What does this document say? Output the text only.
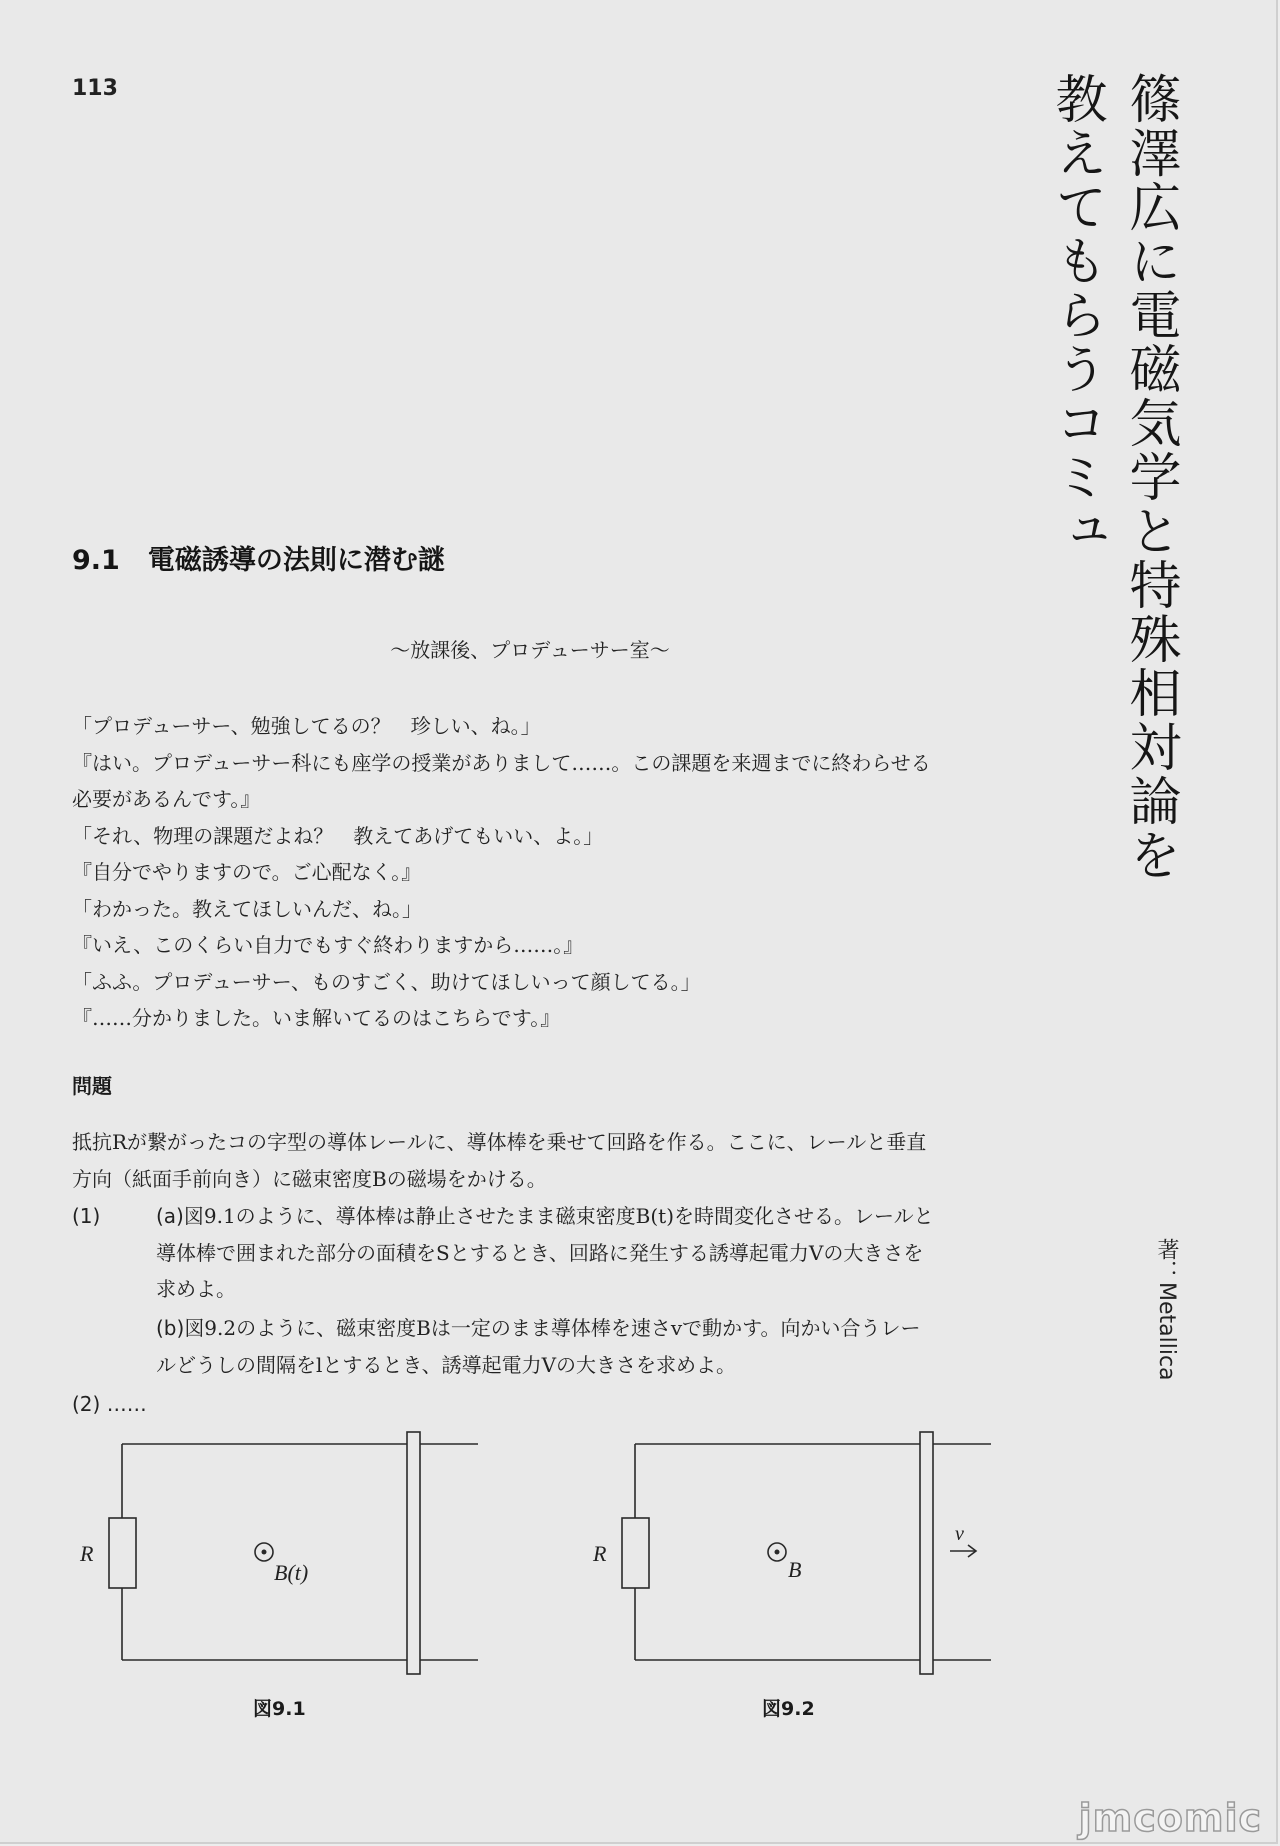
113	篠澤広に電磁気学と特殊相対論を
教えてもらうコミュ
著：Metallica
9.1 電磁誘導の法則に潜む謎
～放課後、プロデューサー室～
「プロデューサー、勉強してるの？　珍しい、ね。」
『はい。プロデューサー科にも座学の授業がありまして……。この課題を来週までに終わらせる
必要があるんです。』
「それ、物理の課題だよね？　教えてあげてもいい、よ。」
『自分でやりますので。ご心配なく。』
「わかった。教えてほしいんだ、ね。」
『いえ、このくらい自力でもすぐ終わりますから……。』
「ふふ。プロデューサー、ものすごく、助けてほしいって顔してる。」
『……分かりました。いま解いてるのはこちらです。』
問題
抵抗Rが繋がったコの字型の導体レールに、導体棒を乗せて回路を作る。ここに、レールと垂直
方向（紙面手前向き）に磁束密度Bの磁場をかける。
(1)	(a)図9.1のように、導体棒は静止させたまま磁束密度B(t)を時間変化させる。レールと
導体棒で囲まれた部分の面積をSとするとき、回路に発生する誘導起電力Vの大きさを
求めよ。
(b)図9.2のように、磁束密度Bは一定のまま導体棒を速さvで動かす。向かい合うレー
ルどうしの間隔をlとするとき、誘導起電力Vの大きさを求めよ。
(2) ……
R
B(t)
図9.1
R
B
v
図9.2
jmcomic
